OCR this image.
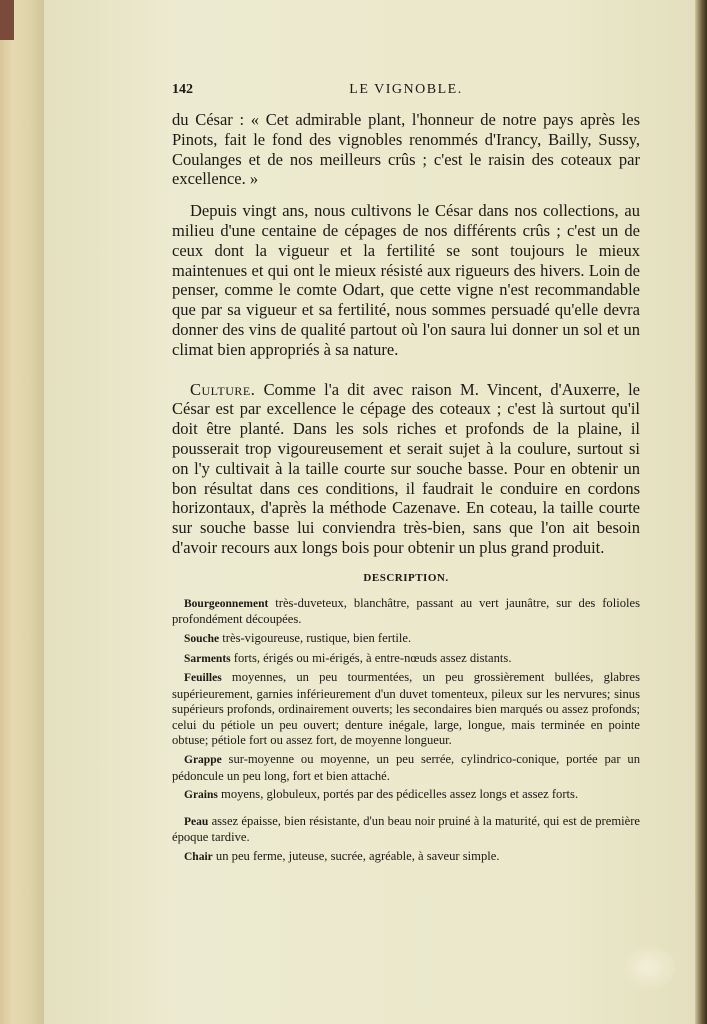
142	LE VIGNOBLE.

du César : « Cet admirable plant, l'honneur de notre pays après les Pinots, fait le fond des vignobles renommés d'Irancy, Bailly, Sussy, Coulanges et de nos meilleurs crûs ; c'est le raisin des coteaux par excellence. »

Depuis vingt ans, nous cultivons le César dans nos collections, au milieu d'une centaine de cépages de nos différents crûs ; c'est un de ceux dont la vigueur et la fertilité se sont toujours le mieux maintenues et qui ont le mieux résisté aux rigueurs des hivers. Loin de penser, comme le comte Odart, que cette vigne n'est recommandable que par sa vigueur et sa fertilité, nous sommes persuadé qu'elle devra donner des vins de qualité partout où l'on saura lui donner un sol et un climat bien appropriés à sa nature.

Culture. Comme l'a dit avec raison M. Vincent, d'Auxerre, le César est par excellence le cépage des coteaux ; c'est là surtout qu'il doit être planté. Dans les sols riches et profonds de la plaine, il pousserait trop vigoureusement et serait sujet à la coulure, surtout si on l'y cultivait à la taille courte sur souche basse. Pour en obtenir un bon résultat dans ces conditions, il faudrait le conduire en cordons horizontaux, d'après la méthode Cazenave. En coteau, la taille courte sur souche basse lui conviendra très-bien, sans que l'on ait besoin d'avoir recours aux longs bois pour obtenir un plus grand produit.

DESCRIPTION.

Bourgeonnement très-duveteux, blanchâtre, passant au vert jaunâtre, sur des folioles profondément découpées.

Souche très-vigoureuse, rustique, bien fertile.

Sarments forts, érigés ou mi-érigés, à entre-nœuds assez distants.

Feuilles moyennes, un peu tourmentées, un peu grossièrement bullées, glabres supérieurement, garnies inférieurement d'un duvet tomenteux, pileux sur les nervures; sinus supérieurs profonds, ordinairement ouverts; les secondaires bien marqués ou assez profonds; celui du pétiole un peu ouvert; denture inégale, large, longue, mais terminée en pointe obtuse; pétiole fort ou assez fort, de moyenne longueur.

Grappe sur-moyenne ou moyenne, un peu serrée, cylindrico-conique, portée par un pédoncule un peu long, fort et bien attaché.

Grains moyens, globuleux, portés par des pédicelles assez longs et assez forts.

Peau assez épaisse, bien résistante, d'un beau noir pruiné à la maturité, qui est de première époque tardive.

Chair un peu ferme, juteuse, sucrée, agréable, à saveur simple.
